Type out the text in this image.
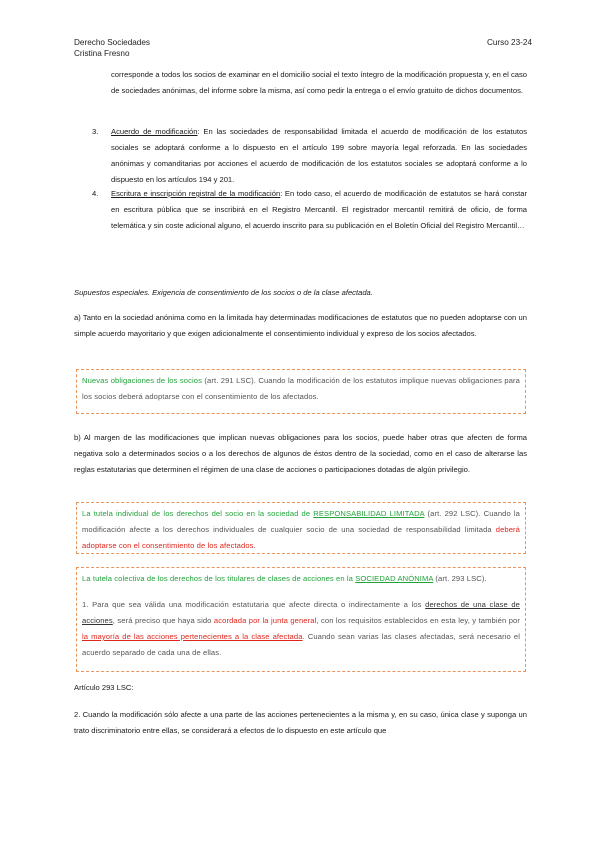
Derecho Sociedades
Cristina Fresno
Curso 23-24
corresponde a todos los socios de examinar en el domicilio social el texto íntegro de la modificación propuesta y, en el caso de sociedades anónimas, del informe sobre la misma, así como pedir la entrega o el envío gratuito de dichos documentos.
3. Acuerdo de modificación: En las sociedades de responsabilidad limitada el acuerdo de modificación de los estatutos sociales se adoptará conforme a lo dispuesto en el artículo 199 sobre mayoría legal reforzada. En las sociedades anónimas y comanditarias por acciones el acuerdo de modificación de los estatutos sociales se adoptará conforme a lo dispuesto en los artículos 194 y 201.
4. Escritura e inscripción registral de la modificación: En todo caso, el acuerdo de modificación de estatutos se hará constar en escritura pública que se inscribirá en el Registro Mercantil. El registrador mercantil remitirá de oficio, de forma telemática y sin coste adicional alguno, el acuerdo inscrito para su publicación en el Boletín Oficial del Registro Mercantil…
Supuestos especiales. Exigencia de consentimiento de los socios o de la clase afectada.
a) Tanto en la sociedad anónima como en la limitada hay determinadas modificaciones de estatutos que no pueden adoptarse con un simple acuerdo mayoritario y que exigen adicionalmente el consentimiento individual y expreso de los socios afectados.
Nuevas obligaciones de los socios (art. 291 LSC). Cuando la modificación de los estatutos implique nuevas obligaciones para los socios deberá adoptarse con el consentimiento de los afectados.
b) Al margen de las modificaciones que implican nuevas obligaciones para los socios, puede haber otras que afecten de forma negativa solo a determinados socios o a los derechos de algunos de éstos dentro de la sociedad, como en el caso de alterarse las reglas estatutarias que determinen el régimen de una clase de acciones o participaciones dotadas de algún privilegio.
La tutela individual de los derechos del socio en la sociedad de RESPONSABILIDAD LIMITADA (art. 292 LSC). Cuando la modificación afecte a los derechos individuales de cualquier socio de una sociedad de responsabilidad limitada deberá adoptarse con el consentimiento de los afectados.
La tutela colectiva de los derechos de los titulares de clases de acciones en la SOCIEDAD ANÓNIMA (art. 293 LSC).
1. Para que sea válida una modificación estatutaria que afecte directa o indirectamente a los derechos de una clase de acciones, será preciso que haya sido acordada por la junta general, con los requisitos establecidos en esta ley, y también por la mayoría de las acciones pertenecientes a la clase afectada. Cuando sean varias las clases afectadas, será necesario el acuerdo separado de cada una de ellas.
Artículo 293 LSC:
2. Cuando la modificación sólo afecte a una parte de las acciones pertenecientes a la misma y, en su caso, única clase y suponga un trato discriminatorio entre ellas, se considerará a efectos de lo dispuesto en este artículo que
